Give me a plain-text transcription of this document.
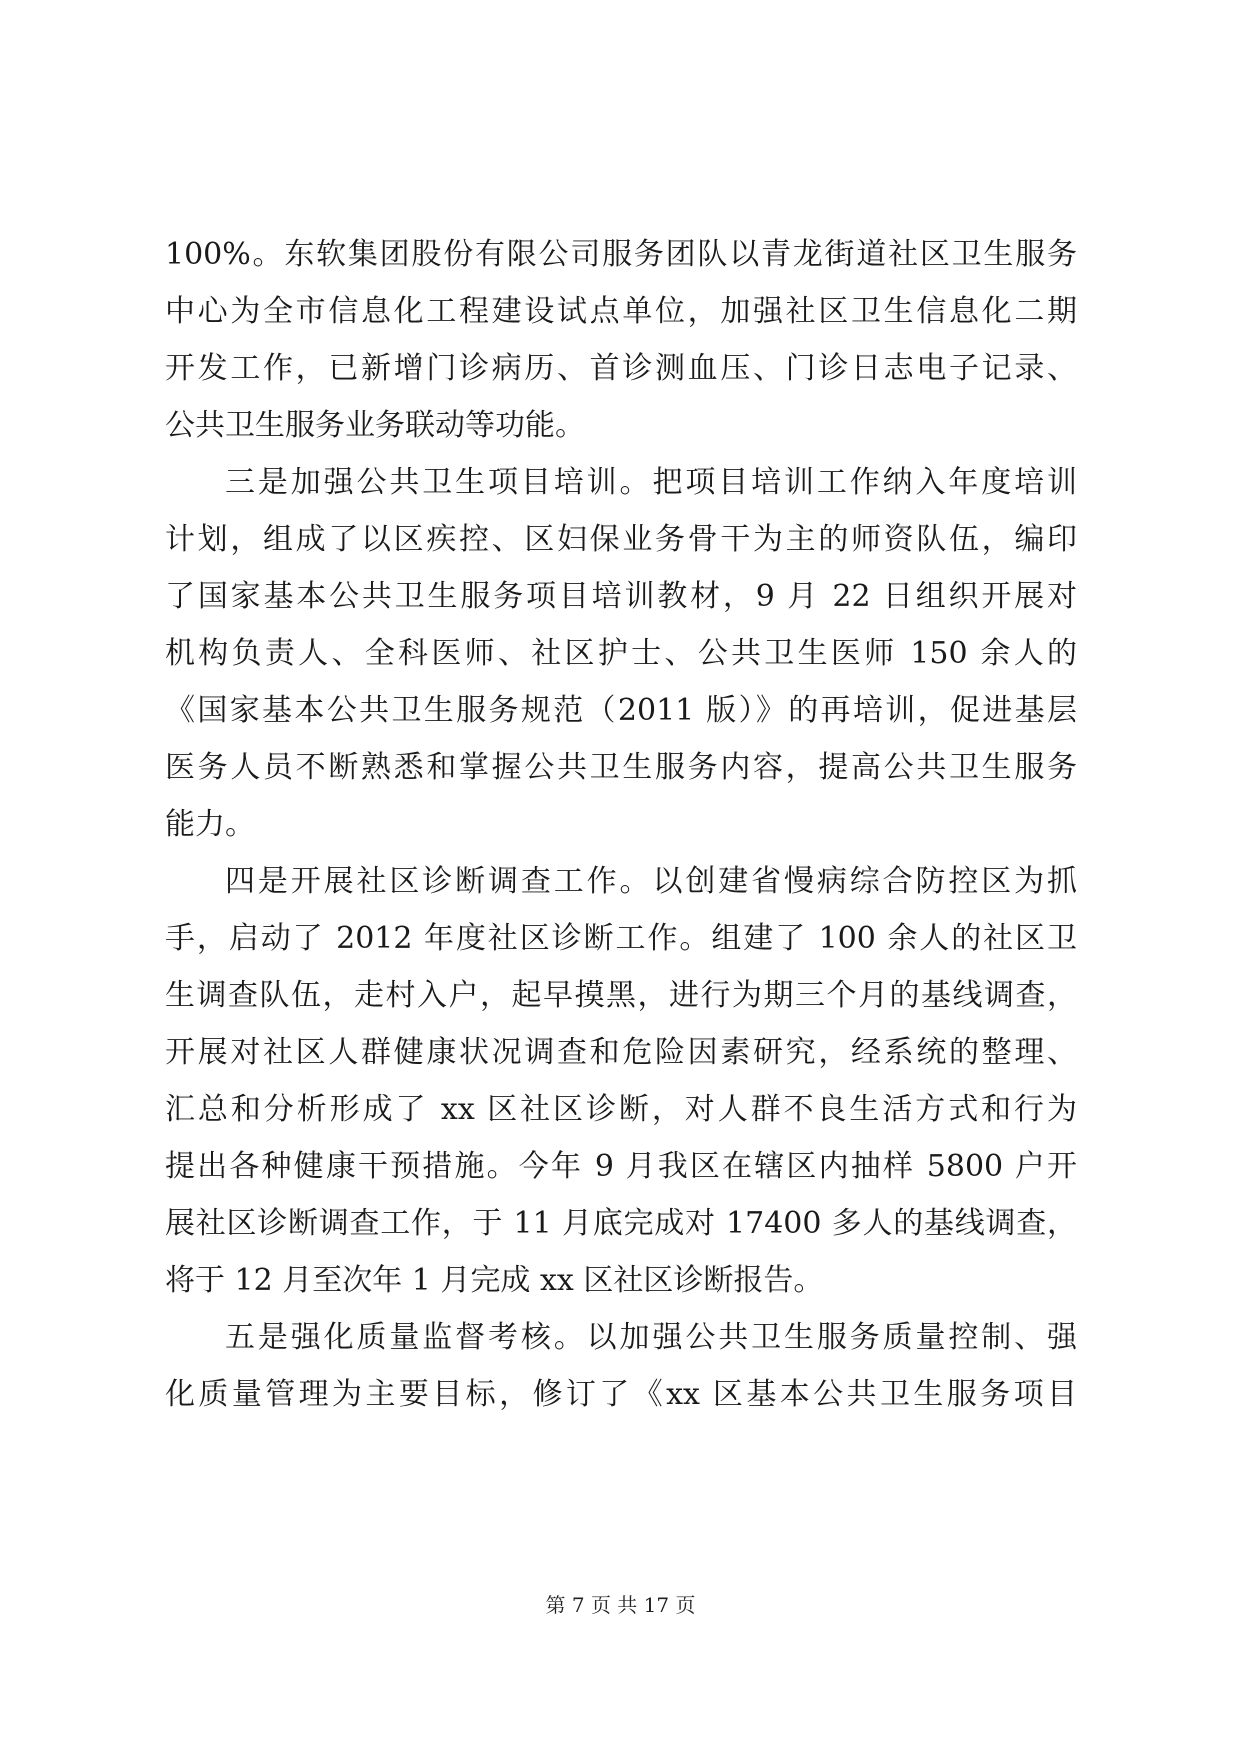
100%。东软集团股份有限公司服务团队以青龙街道社区卫生服务
中心为全市信息化工程建设试点单位，加强社区卫生信息化二期
开发工作，已新增门诊病历、首诊测血压、门诊日志电子记录、
公共卫生服务业务联动等功能。
三是加强公共卫生项目培训。把项目培训工作纳入年度培训
计划，组成了以区疾控、区妇保业务骨干为主的师资队伍，编印
了国家基本公共卫生服务项目培训教材，9 月 22 日组织开展对
机构负责人、全科医师、社区护士、公共卫生医师 150 余人的
《国家基本公共卫生服务规范（2011 版）》的再培训，促进基层
医务人员不断熟悉和掌握公共卫生服务内容，提高公共卫生服务
能力。
四是开展社区诊断调查工作。以创建省慢病综合防控区为抓
手，启动了 2012 年度社区诊断工作。组建了 100 余人的社区卫
生调查队伍，走村入户，起早摸黑，进行为期三个月的基线调查，
开展对社区人群健康状况调查和危险因素研究，经系统的整理、
汇总和分析形成了 xx 区社区诊断，对人群不良生活方式和行为
提出各种健康干预措施。今年 9 月我区在辖区内抽样 5800 户开
展社区诊断调查工作，于 11 月底完成对 17400 多人的基线调查，
将于 12 月至次年 1 月完成 xx 区社区诊断报告。
五是强化质量监督考核。以加强公共卫生服务质量控制、强
化质量管理为主要目标，修订了《xx 区基本公共卫生服务项目
第 7 页 共 17 页
